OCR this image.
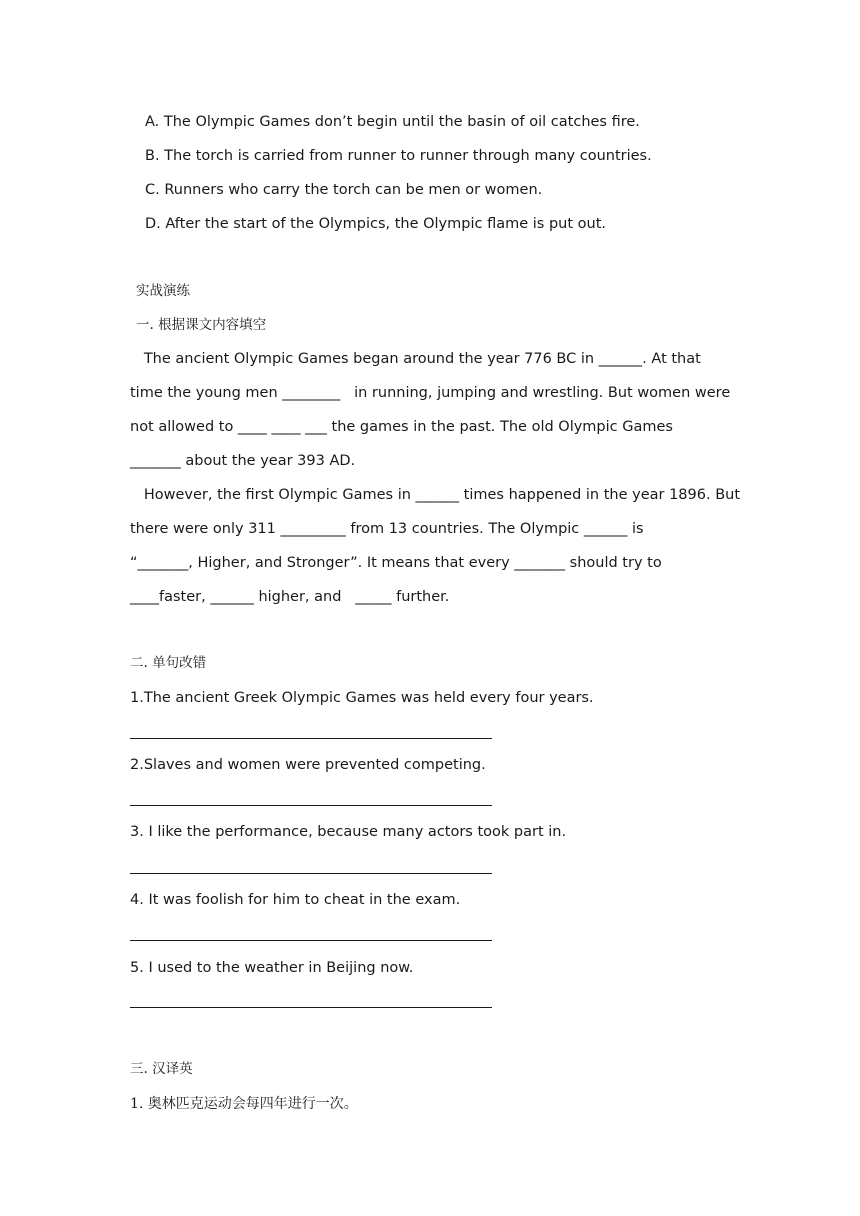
A. The Olympic Games don’t begin until the basin of oil catches fire.
B. The torch is carried from runner to runner through many countries.
C. Runners who carry the torch can be men or women.
D. After the start of the Olympics, the Olympic flame is put out.
实战演练
一. 根据课文内容填空
The ancient Olympic Games began around the year 776 BC in ______. At that
time the young men ________   in running, jumping and wrestling. But women were
not allowed to ____ ____ ___ the games in the past. The old Olympic Games
_______ about the year 393 AD.
However, the first Olympic Games in ______ times happened in the year 1896. But
there were only 311 _________ from 13 countries. The Olympic ______ is
“_______, Higher, and Stronger”. It means that every _______ should try to
____faster, ______ higher, and   _____ further.
二. 单句改错
1.The ancient Greek Olympic Games was held every four years.
2.Slaves and women were prevented competing.
3. I like the performance, because many actors took part in.
4. It was foolish for him to cheat in the exam.
5. I used to the weather in Beijing now.
三. 汉译英
1. 奥林匹克运动会每四年进行一次。
